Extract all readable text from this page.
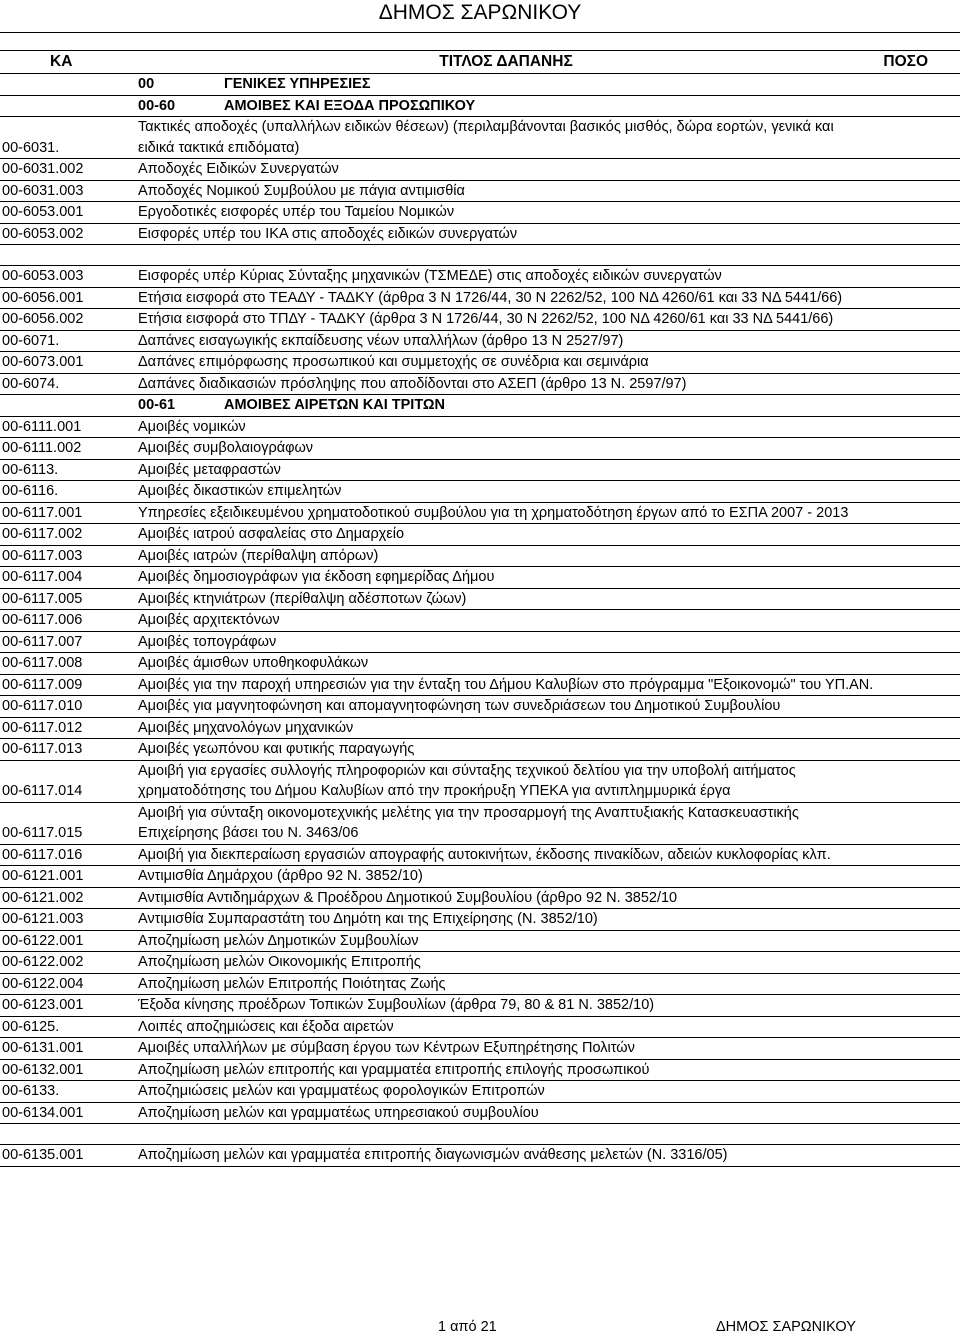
ΔΗΜΟΣ ΣΑΡΩΝΙΚΟΥ
ΚΑ	ΤΙΤΛΟΣ ΔΑΠΑΝΗΣ	ΠΟΣΟ
	00 ΓΕΝΙΚΕΣ ΥΠΗΡΕΣΙΕΣ	
	00-60 ΑΜΟΙΒΕΣ ΚΑΙ ΕΞΟΔΑ ΠΡΟΣΩΠΙΚΟΥ	
00-6031.	Τακτικές αποδοχές (υπαλλήλων ειδικών θέσεων) (περιλαμβάνονται βασικός μισθός, δώρα εορτών, γενικά και ειδικά τακτικά επιδόματα)	
00-6031.002	Αποδοχές Ειδικών Συνεργατών	
00-6031.003	Αποδοχές Νομικού Συμβούλου με πάγια αντιμισθία	
00-6053.001	Εργοδοτικές εισφορές υπέρ του Ταμείου Νομικών	
00-6053.002	Εισφορές υπέρ του ΙΚΑ στις αποδοχές ειδικών συνεργατών	

00-6053.003	Εισφορές υπέρ Κύριας Σύνταξης μηχανικών (ΤΣΜΕΔΕ) στις αποδοχές ειδικών συνεργατών	
00-6056.001	Ετήσια εισφορά στο ΤΕΑΔΥ - ΤΑΔΚΥ (άρθρα 3 Ν 1726/44, 30 Ν 2262/52, 100 ΝΔ 4260/61 και 33 ΝΔ 5441/66)	
00-6056.002	Ετήσια εισφορά στο ΤΠΔΥ - ΤΑΔΚΥ (άρθρα 3 Ν 1726/44, 30 Ν 2262/52, 100 ΝΔ 4260/61 και 33 ΝΔ 5441/66)	
00-6071.	Δαπάνες εισαγωγικής εκπαίδευσης νέων υπαλλήλων (άρθρο 13 Ν 2527/97)	
00-6073.001	Δαπάνες επιμόρφωσης προσωπικού και συμμετοχής σε συνέδρια και σεμινάρια	
00-6074.	Δαπάνες διαδικασιών πρόσληψης που αποδίδονται στο ΑΣΕΠ (άρθρο 13 Ν. 2597/97)	
	00-61 ΑΜΟΙΒΕΣ ΑΙΡΕΤΩΝ ΚΑΙ ΤΡΙΤΩΝ	
00-6111.001	Αμοιβές νομικών	
00-6111.002	Αμοιβές συμβολαιογράφων	
00-6113.	Αμοιβές μεταφραστών	
00-6116.	Αμοιβές δικαστικών επιμελητών	
00-6117.001	Υπηρεσίες εξειδικευμένου χρηματοδοτικού συμβούλου για τη χρηματοδότηση έργων από το ΕΣΠΑ 2007 - 2013	
00-6117.002	Αμοιβές ιατρού ασφαλείας στο Δημαρχείο	
00-6117.003	Αμοιβές ιατρών (περίθαλψη απόρων)	
00-6117.004	Αμοιβές δημοσιογράφων για έκδοση εφημερίδας Δήμου	
00-6117.005	Αμοιβές κτηνιάτρων (περίθαλψη αδέσποτων ζώων)	
00-6117.006	Αμοιβές αρχιτεκτόνων	
00-6117.007	Αμοιβές τοπογράφων	
00-6117.008	Αμοιβές άμισθων υποθηκοφυλάκων	
00-6117.009	Αμοιβές για την παροχή υπηρεσιών για την ένταξη του Δήμου Καλυβίων στο πρόγραμμα "Εξοικονομώ" του ΥΠ.ΑΝ.	
00-6117.010	Αμοιβές για μαγνητοφώνηση και απομαγνητοφώνηση των συνεδριάσεων του Δημοτικού Συμβουλίου	
00-6117.012	Αμοιβές μηχανολόγων μηχανικών	
00-6117.013	Αμοιβές γεωπόνου και φυτικής παραγωγής	
00-6117.014	Αμοιβή για εργασίες συλλογής πληροφοριών και σύνταξης τεχνικού δελτίου για την υποβολή αιτήματος χρηματοδότησης του Δήμου Καλυβίων από την προκήρυξη ΥΠΕΚΑ για αντιπλημμυρικά έργα	
00-6117.015	Αμοιβή για σύνταξη οικονομοτεχνικής μελέτης για την προσαρμογή της Αναπτυξιακής Κατασκευαστικής Επιχείρησης βάσει του Ν. 3463/06	
00-6117.016	Αμοιβή για διεκπεραίωση εργασιών απογραφής αυτοκινήτων, έκδοσης πινακίδων, αδειών κυκλοφορίας κλπ.	
00-6121.001	Αντιμισθία Δημάρχου (άρθρο 92 Ν. 3852/10)	
00-6121.002	Αντιμισθία Αντιδημάρχων & Προέδρου Δημοτικού Συμβουλίου (άρθρο 92 Ν. 3852/10	
00-6121.003	Αντιμισθία Συμπαραστάτη του Δημότη και της Επιχείρησης (Ν. 3852/10)	
00-6122.001	Αποζημίωση μελών Δημοτικών Συμβουλίων	
00-6122.002	Αποζημίωση μελών Οικονομικής Επιτροπής	
00-6122.004	Αποζημίωση μελών Επιτροπής Ποιότητας Ζωής	
00-6123.001	Έξοδα κίνησης προέδρων Τοπικών Συμβουλίων (άρθρα 79, 80 & 81 Ν. 3852/10)	
00-6125.	Λοιπές αποζημιώσεις και έξοδα αιρετών	
00-6131.001	Αμοιβές υπαλλήλων με σύμβαση έργου των Κέντρων Εξυπηρέτησης Πολιτών	
00-6132.001	Αποζημίωση μελών επιτροπής και γραμματέα επιτροπής επιλογής προσωπικού	
00-6133.	Αποζημιώσεις μελών και γραμματέως φορολογικών Επιτροπών	
00-6134.001	Αποζημίωση μελών και γραμματέως υπηρεσιακού συμβουλίου	

00-6135.001	Αποζημίωση μελών και γραμματέα επιτροπής διαγωνισμών ανάθεσης μελετών (Ν. 3316/05)	
1 από 21	ΔΗΜΟΣ ΣΑΡΩΝΙΚΟΥ
